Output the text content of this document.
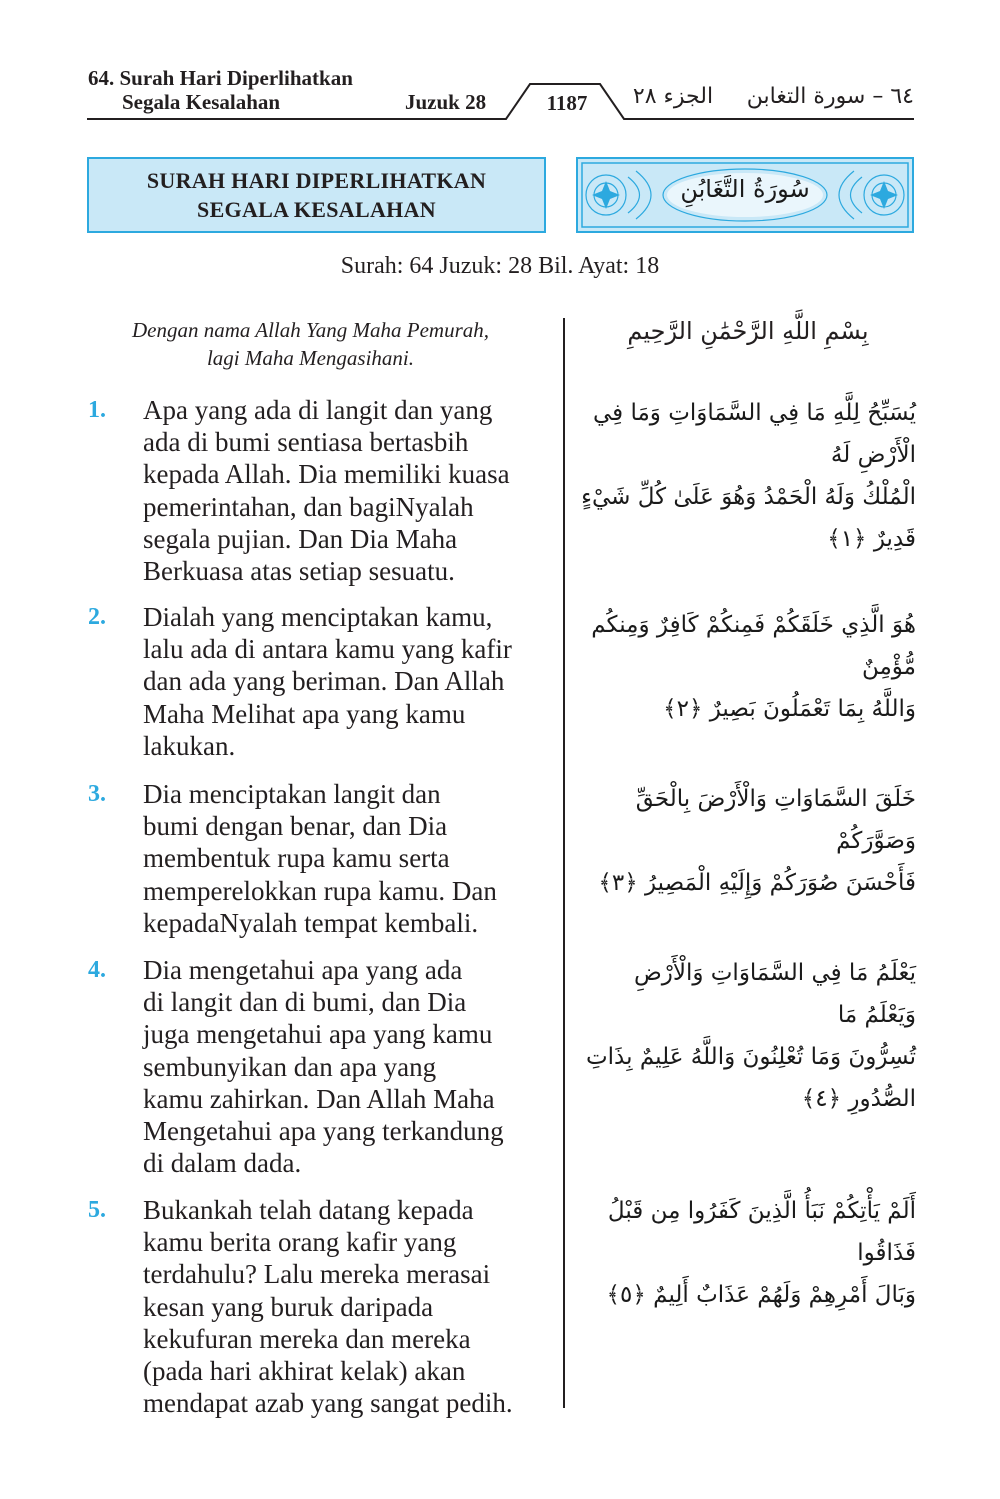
64. Surah Hari Diperlihatkan
Segala Kesalahan	Juzuk 28	1187	الجزء ٢٨	٦٤ – سورة التغابن
SURAH HARI DIPERLIHATKAN
SEGALA KESALAHAN
سُورَةُ التَّغَابُنِ
Surah: 64 Juzuk: 28 Bil. Ayat: 18
Dengan nama Allah Yang Maha Pemurah,
lagi Maha Mengasihani.
بِسْمِ اللَّهِ الرَّحْمَٰنِ الرَّحِيمِ
1. Apa yang ada di langit dan yang
ada di bumi sentiasa bertasbih
kepada Allah. Dia memiliki kuasa
pemerintahan, dan bagiNyalah
segala pujian. Dan Dia Maha
Berkuasa atas setiap sesuatu.
يُسَبِّحُ لِلَّهِ مَا فِي السَّمَاوَاتِ وَمَا فِي الْأَرْضِ لَهُ
الْمُلْكُ وَلَهُ الْحَمْدُ وَهُوَ عَلَىٰ كُلِّ شَيْءٍ قَدِيرٌ ﴿١﴾
2. Dialah yang menciptakan kamu,
lalu ada di antara kamu yang kafir
dan ada yang beriman. Dan Allah
Maha Melihat apa yang kamu
lakukan.
هُوَ الَّذِي خَلَقَكُمْ فَمِنكُمْ كَافِرٌ وَمِنكُم مُّؤْمِنٌ
وَاللَّهُ بِمَا تَعْمَلُونَ بَصِيرٌ ﴿٢﴾
3. Dia menciptakan langit dan
bumi dengan benar, dan Dia
membentuk rupa kamu serta
memperelokkan rupa kamu. Dan
kepadaNyalah tempat kembali.
خَلَقَ السَّمَاوَاتِ وَالْأَرْضَ بِالْحَقِّ وَصَوَّرَكُمْ
فَأَحْسَنَ صُوَرَكُمْ وَإِلَيْهِ الْمَصِيرُ ﴿٣﴾
4. Dia mengetahui apa yang ada
di langit dan di bumi, dan Dia
juga mengetahui apa yang kamu
sembunyikan dan apa yang
kamu zahirkan. Dan Allah Maha
Mengetahui apa yang terkandung
di dalam dada.
يَعْلَمُ مَا فِي السَّمَاوَاتِ وَالْأَرْضِ وَيَعْلَمُ مَا
تُسِرُّونَ وَمَا تُعْلِنُونَ وَاللَّهُ عَلِيمٌ بِذَاتِ
الصُّدُورِ ﴿٤﴾
5. Bukankah telah datang kepada
kamu berita orang kafir yang
terdahulu? Lalu mereka merasai
kesan yang buruk daripada
kekufuran mereka dan mereka
(pada hari akhirat kelak) akan
mendapat azab yang sangat pedih.
أَلَمْ يَأْتِكُمْ نَبَأُ الَّذِينَ كَفَرُوا مِن قَبْلُ فَذَاقُوا
وَبَالَ أَمْرِهِمْ وَلَهُمْ عَذَابٌ أَلِيمٌ ﴿٥﴾
